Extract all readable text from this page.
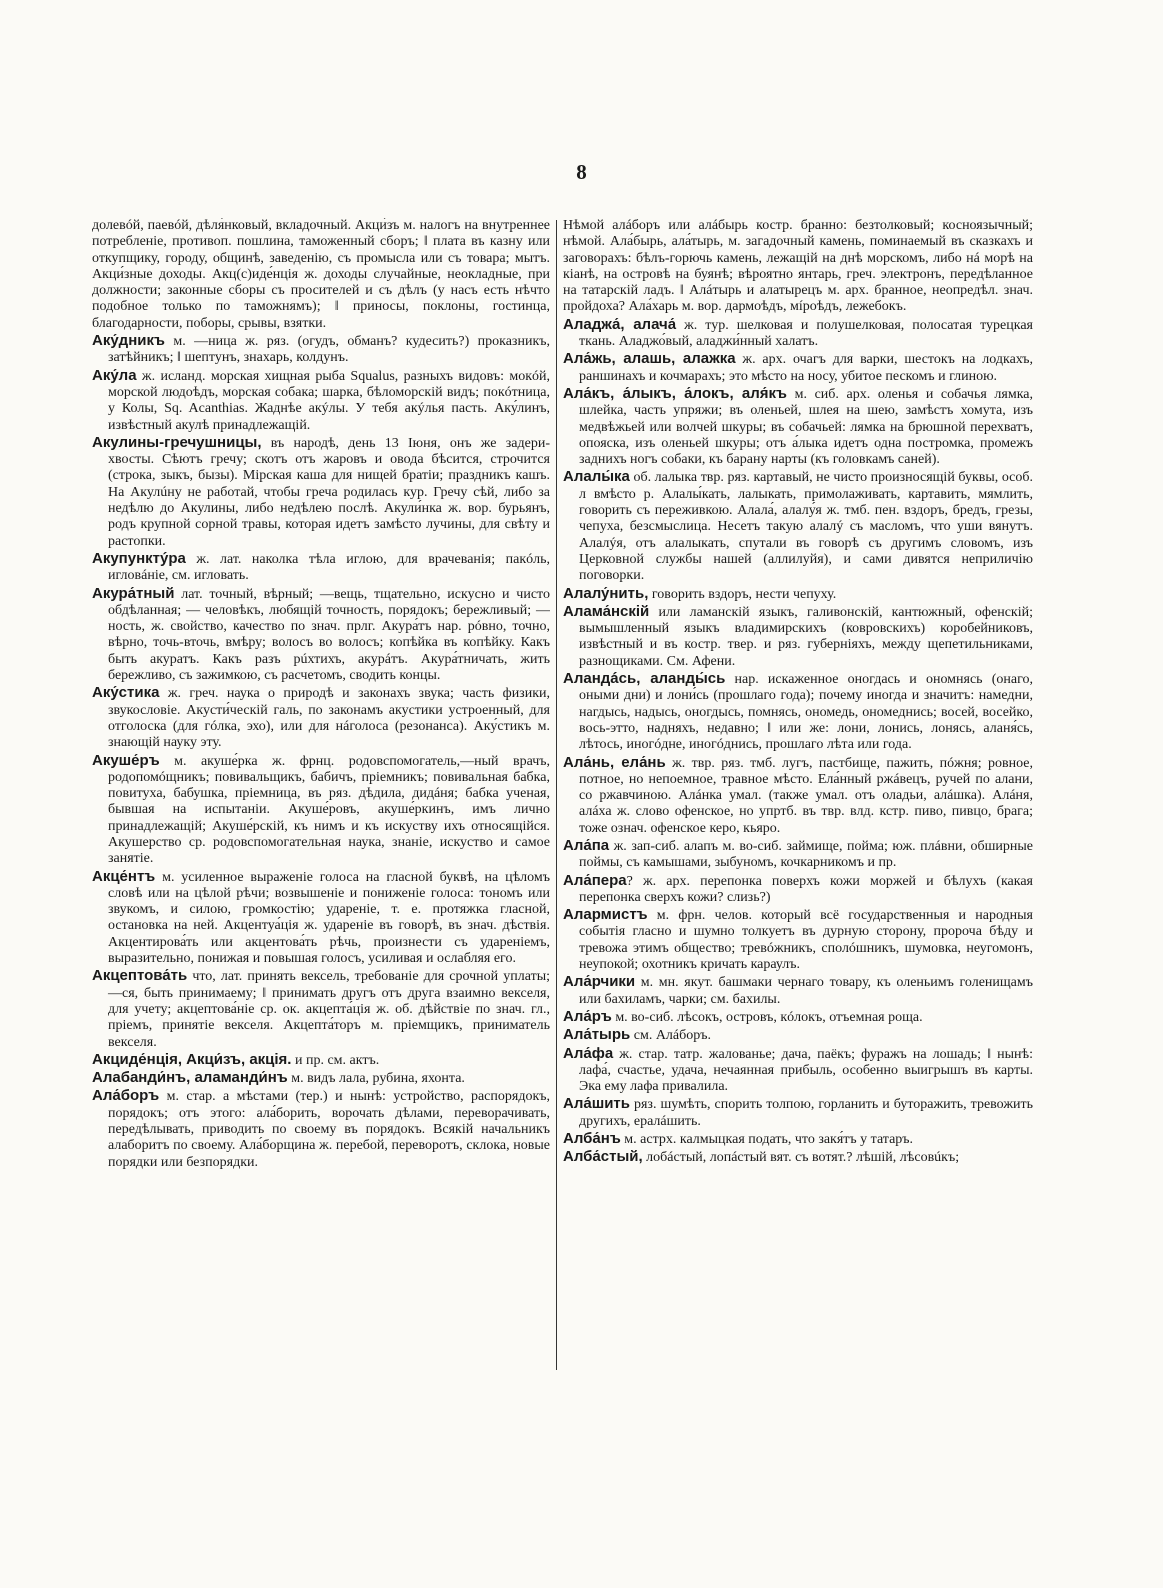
8

долевóй, паевóй, дѣля́нковый, вкладочный. Акци́зъ м. налогъ на внутреннее потребленіе, противоп. пошлина, таможенный сборъ; ‖ плата въ казну или откупщику, городу, общинѣ, заведенію, съ промысла или съ товара; мытъ. Акци́зные доходы. Акц(с)иде́нція ж. доходы случайные, неокладные, при должности; законные сборы съ просителей и съ дѣлъ (у насъ есть нѣчто подобное только по таможнямъ); ‖ приносы, поклоны, гостинца, благодарности, поборы, срывы, взятки.

Аку́дникъ м. —ница ж. ряз. (огудъ, обманъ? кудесить?) проказникъ, затѣйникъ; ‖ шептунъ, знахарь, колдунъ.

Аку́ла ж. исланд. морская хищная рыба Squalus, разныхъ видовъ: мокóй, морской людоѣдъ, морская собака; шарка, бѣломорскій видъ; покóтница, у Колы, Sq. Acanthias. Жаднѣе акýлы. У тебя акýлья пасть. Аку́линъ, извѣстный акулѣ принадлежащій.

Акулины-гречушницы, въ народѣ, день 13 Іюня, онъ же задери-хвосты. Сѣютъ гречу; скотъ отъ жаровъ и овода бѣсится, строчится (строка, зыкъ, бызы). Мірская каша для нищей братіи; праздникъ кашъ. На Акулúну не работай, чтобы греча родилась кур. Гречу сѣй, либо за недѣлю до Акулины, либо недѣлею послѣ. Акули́нка ж. вор. бурьянъ, родъ крупной сорной травы, которая идетъ замѣсто лучины, для свѣту и растопки.

Акупунктýра ж. лат. наколка тѣла иглою, для врачеванія; пакóль, игловáніе, см. игловать.

Акура́тный лат. точный, вѣрный; —вещь, тщательно, искусно и чисто обдѣланная; — человѣкъ, любящій точность, порядокъ; бережливый; —ность, ж. свойство, качество по знач. прлг. Акура́тъ нар. рóвно, точно, вѣрно, точь-вточь, вмѣру; волосъ во волосъ; копѣйка въ копѣйку. Какъ быть акуратъ. Какъ разъ рúхтихъ, акурáтъ. Акура́тничать, жить бережливо, съ зажимкою, съ расчетомъ, сводить концы.

Аку́стика ж. греч. наука о природѣ и законахъ звука; часть физики, звукословіе. Акусти́ческій галь, по законамъ акустики устроенный, для отголоска (для гóлка, эхо), или для нáголоса (резонанса). Аку́стикъ м. знающій науку эту.

Акуше́ръ м. акуше́рка ж. фрнц. родовспомогатель,—ный врачъ, родопомóщникъ; повивальщикъ, бабичъ, пріемникъ; повивальная бабка, повитуха, бабушка, пріемница, въ ряз. дѣдила, дидáня; бабка ученая, бывшая на испытаніи. Акуше́ровъ, акуше́ркинъ, имъ лично принадлежащій; Акуше́рскій, къ нимъ и къ искуству ихъ относящійся. Акушерство ср. родовспомогательная наука, знаніе, искуство и самое занятіе.

Акце́нтъ м. усиленное выраженіе голоса на гласной буквѣ, на цѣломъ словѣ или на цѣлой рѣчи; возвышеніе и пониженіе голоса: тономъ или звукомъ, и силою, громкостію; удареніе, т. е. протяжка гласной, остановка на ней. Акцентуа́ція ж. удареніе въ говорѣ, въ знач. дѣствія. Акцентирова́ть или акцентова́ть рѣчь, произнести съ удареніемъ, выразительно, понижая и повышая голосъ, усиливая и ослабляя его.

Акцептова́ть что, лат. принять вексель, требованіе для срочной уплаты; —ся, быть принимаему; ‖ принимать другъ отъ друга взаимно векселя, для учету; акцептова́ніе ср. ок. акцепта́ція ж. об. дѣйствіе по знач. гл., пріемъ, принятіе векселя. Акцепта́торъ м. пріемщикъ, приниматель векселя.

Акциде́нція, Акци́зъ, акція. и пр. см. актъ.

Алабанди́нъ, аламанди́нъ м. видъ лала, рубина, яхонта.

Ала́боръ м. стар. а мѣстами (тер.) и нынѣ: устройство, распорядокъ, порядокъ; отъ этого: ала́борить, ворочать дѣлами, переворачивать, передѣлывать, приводить по своему въ порядокъ. Всякій начальникъ алаборитъ по своему. Ала́борщина ж. перебой, переворотъ, склока, новые порядки или безпорядки.

Нѣмой алáборъ или алáбырь костр. бранно: безтолковый; косноязычный; нѣмой. Ала́бырь, ала́тырь, м. загадочный камень, поминаемый въ сказкахъ и заговорахъ: бѣлъ-горючь камень, лежащій на днѣ морскомъ, либо нá морѣ на кіанѣ, на островѣ на буянѣ; вѣроятно янтарь, греч. электронъ, передѣланное на татарскій ладъ. ‖ Алáтырь и алатырецъ м. арх. бранное, неопредѣл. знач. пройдоха? Ала́харь м. вор. дармоѣдъ, мíроѣдъ, лежебокъ.

Аладжа́, алача́ ж. тур. шелковая и полушелковая, полосатая турецкая ткань. Аладжо́вый, аладжи́нный халатъ.

Ала́жь, алашь, алажка ж. арх. очагъ для варки, шестокъ на лодкахъ, раншинахъ и кочмарахъ; это мѣсто на носу, убитое пескомъ и глиною.

Ала́къ, а́лыкъ, а́локъ, аля́къ м. сиб. арх. оленья и собачья лямка, шлейка, часть упряжи; въ оленьей, шлея на шею, замѣстъ хомута, изъ медвѣжьей или волчей шкуры; въ собачьей: лямка на брюшной перехватъ, опояска, изъ оленьей шкуры; отъ а́лыка идетъ одна постромка, промежъ заднихъ ногъ собаки, къ барану нарты (къ головкамъ саней).

Алалы́ка об. лалыка твр. ряз. картавый, не чисто произносящій буквы, особ. л вмѣсто р. Алалы́кать, лалыкать, примолаживать, картавить, мямлить, говорить съ переживкою. Алала́, алалу́я ж. тмб. пен. вздоръ, бредъ, грезы, чепуха, безсмыслица. Несетъ такую алалý съ масломъ, что уши вянутъ. Алалýя, отъ алалыкать, спутали въ говорѣ съ другимъ словомъ, изъ Церковной службы нашей (аллилуйя), и сами дивятся неприличію поговорки.

Алалу́нить, говорить вздоръ, нести чепуху.

Алама́нскій или ламанскій языкъ, галивонскій, кантюжный, офенскій; вымышленный языкъ владимирскихъ (ковровскихъ) коробейниковъ, извѣстный и въ костр. твер. и ряз. губерніяхъ, между щепетильниками, разнощиками. См. Афени.

Аландáсь, аланды́сь нар. искаженное оногдась и ономнясь (онаго, оными дни) и лони́сь (прошлаго года); почему иногда и значитъ: намедни, нагдысь, надысь, оногдысь, помнясь, ономедь, ономеднись; восей, восейко, вось-этто, надняхъ, недавно; ‖ или же: лони, лонись, лонясь, аланя́сь, лѣтось, иногóдне, иногóднись, прошлаго лѣта или года.

Ала́нь, ела́нь ж. твр. ряз. тмб. лугъ, пастбище, пажить, пóжня; ровное, потное, но непоемное, травное мѣсто. Ела́нный ржáвецъ, ручей по алани, со ржавчиною. Алáнка умал. (также умал. отъ оладьи, алáшка). Алáня, алáха ж. слово офенское, но упртб. въ твр. влд. кстр. пиво, пивцо, брага; тоже означ. офенское керо, кьяро.

Ала́па ж. зап-сиб. алапъ м. во-сиб. займище, пойма; юж. плáвни, обширные поймы, съ камышами, зыбуномъ, кочкарникомъ и пр.

Ала́пера? ж. арх. перепонка поверхъ кожи моржей и бѣлухъ (какая перепонка сверхъ кожи? слизь?)

Алармистъ м. фрн. челов. который всё государственныя и народныя событія гласно и шумно толкуетъ въ дурную сторону, пророча бѣду и тревожа этимъ общество; тревóжникъ, сполóшникъ, шумовка, неугомонъ, неупокой; охотникъ кричать караулъ.

Ала́рчики м. мн. якут. башмаки чернаго товару, къ оленьимъ голенищамъ или бахиламъ, чарки; см. бахилы.

Ала́ръ м. во-сиб. лѣсокъ, островъ, кóлокъ, отъемная роща.

Ала́тырь см. Алáборъ.

Ала́фа ж. стар. татр. жалованье; дача, паёкъ; фуражъ на лошадь; ‖ нынѣ: лафа́, счастье, удача, нечаянная прибыль, особенно выигрышъ въ карты. Эка ему лафа привалила.

Ала́шить ряз. шумѣть, спорить толпою, горланить и буторажить, тревожить другихъ, ералáшить.

Алба́нъ м. астрх. калмыцкая подать, что закя́тъ у татаръ.

Алба́стый, лобáстый, лопáстый вят. съ вотят.? лѣшій, лѣсовúкъ;
